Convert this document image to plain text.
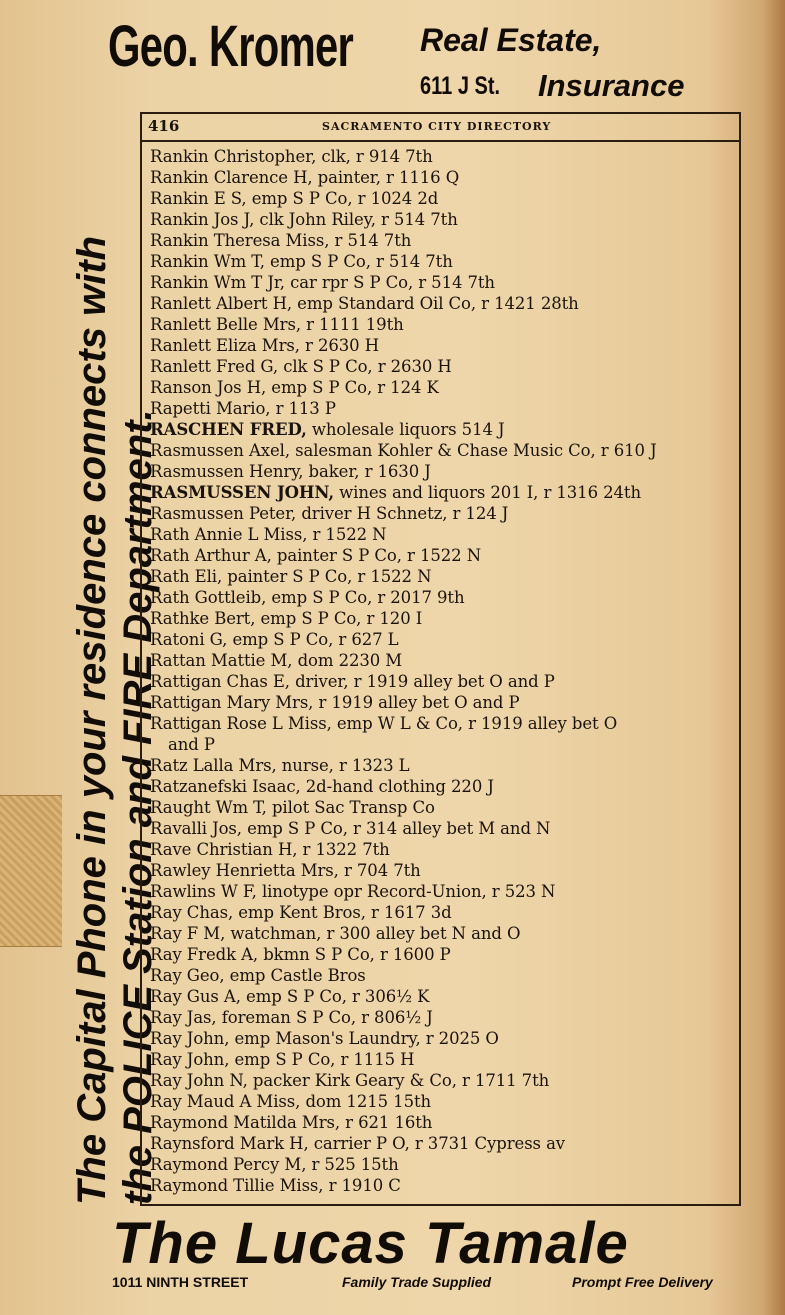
Geo. Kromer Real Estate,
611 J St. Insurance
The Capital Phone in your residence connects with the POLICE Station and FIRE Department.
416	SACRAMENTO CITY DIRECTORY
Rankin Christopher, clk, r 914 7th
Rankin Clarence H, painter, r 1116 Q
Rankin E S, emp S P Co, r 1024 2d
Rankin Jos J, clk John Riley, r 514 7th
Rankin Theresa Miss, r 514 7th
Rankin Wm T, emp S P Co, r 514 7th
Rankin Wm T Jr, car rpr S P Co, r 514 7th
Ranlett Albert H, emp Standard Oil Co, r 1421 28th
Ranlett Belle Mrs, r 1111 19th
Ranlett Eliza Mrs, r 2630 H
Ranlett Fred G, clk S P Co, r 2630 H
Ranson Jos H, emp S P Co, r 124 K
Rapetti Mario, r 113 P
RASCHEN FRED, wholesale liquors 514 J
Rasmussen Axel, salesman Kohler & Chase Music Co, r 610 J
Rasmussen Henry, baker, r 1630 J
RASMUSSEN JOHN, wines and liquors 201 I, r 1316 24th
Rasmussen Peter, driver H Schnetz, r 124 J
Rath Annie L Miss, r 1522 N
Rath Arthur A, painter S P Co, r 1522 N
Rath Eli, painter S P Co, r 1522 N
Rath Gottleib, emp S P Co, r 2017 9th
Rathke Bert, emp S P Co, r 120 I
Ratoni G, emp S P Co, r 627 L
Rattan Mattie M, dom 2230 M
Rattigan Chas E, driver, r 1919 alley bet O and P
Rattigan Mary Mrs, r 1919 alley bet O and P
Rattigan Rose L Miss, emp W L & Co, r 1919 alley bet O
and P
Ratz Lalla Mrs, nurse, r 1323 L
Ratzanefski Isaac, 2d-hand clothing 220 J
Raught Wm T, pilot Sac Transp Co
Ravalli Jos, emp S P Co, r 314 alley bet M and N
Rave Christian H, r 1322 7th
Rawley Henrietta Mrs, r 704 7th
Rawlins W F, linotype opr Record-Union, r 523 N
Ray Chas, emp Kent Bros, r 1617 3d
Ray F M, watchman, r 300 alley bet N and O
Ray Fredk A, bkmn S P Co, r 1600 P
Ray Geo, emp Castle Bros
Ray Gus A, emp S P Co, r 306½ K
Ray Jas, foreman S P Co, r 806½ J
Ray John, emp Mason's Laundry, r 2025 O
Ray John, emp S P Co, r 1115 H
Ray John N, packer Kirk Geary & Co, r 1711 7th
Ray Maud A Miss, dom 1215 15th
Raymond Matilda Mrs, r 621 16th
Raynsford Mark H, carrier P O, r 3731 Cypress av
Raymond Percy M, r 525 15th
Raymond Tillie Miss, r 1910 C
The Lucas Tamale
1011 NINTH STREET	Family Trade Supplied	Prompt Free Delivery
